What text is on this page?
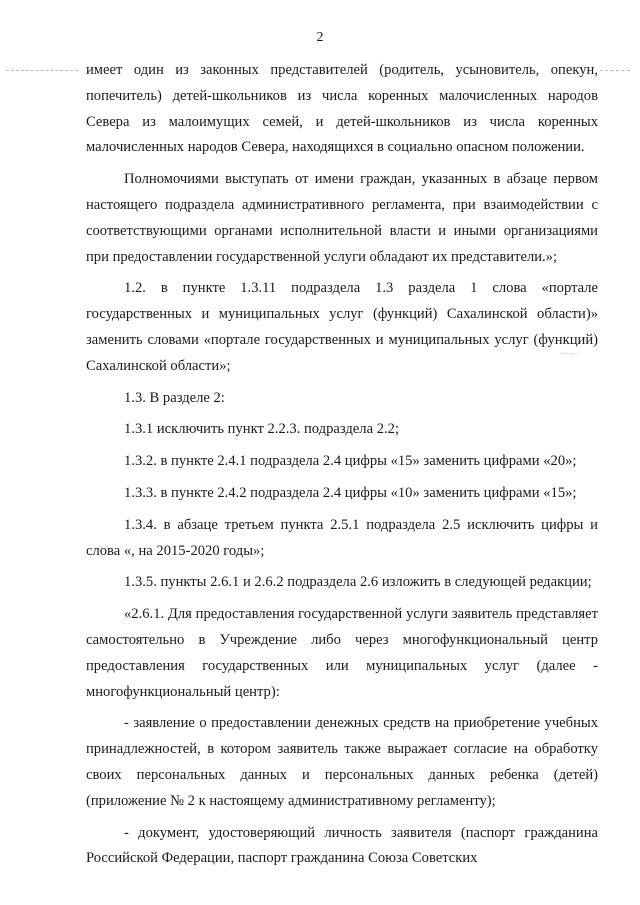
2

имеет один из законных представителей (родитель, усыновитель, опекун, попечитель) детей-школьников из числа коренных малочисленных народов Севера из малоимущих семей, и детей-школьников из числа коренных малочисленных народов Севера, находящихся в социально опасном положении.

Полномочиями выступать от имени граждан, указанных в абзаце первом настоящего подраздела административного регламента, при взаимодействии с соответствующими органами исполнительной власти и иными организациями при предоставлении государственной услуги обладают их представители.»;

1.2. в пункте 1.3.11 подраздела 1.3 раздела 1 слова «портале государственных и муниципальных услуг (функций) Сахалинской области)» заменить словами «портале государственных и муниципальных услуг (функций) Сахалинской области»;

1.3. В разделе 2:

1.3.1 исключить пункт 2.2.3. подраздела 2.2;

1.3.2. в пункте 2.4.1 подраздела 2.4 цифры «15» заменить цифрами «20»;

1.3.3. в пункте 2.4.2 подраздела 2.4 цифры «10» заменить цифрами «15»;

1.3.4. в абзаце третьем пункта 2.5.1 подраздела 2.5 исключить цифры и слова «, на 2015-2020 годы»;

1.3.5. пункты 2.6.1 и 2.6.2 подраздела 2.6 изложить в следующей редакции;

«2.6.1. Для предоставления государственной услуги заявитель представляет самостоятельно в Учреждение либо через многофункциональный центр предоставления государственных или муниципальных услуг (далее - многофункциональный центр):

- заявление о предоставлении денежных средств на приобретение учебных принадлежностей, в котором заявитель также выражает согласие на обработку своих персональных данных и персональных данных ребенка (детей) (приложение № 2 к настоящему административному регламенту);

- документ, удостоверяющий личность заявителя (паспорт гражданина Российской Федерации, паспорт гражданина Союза Советских
